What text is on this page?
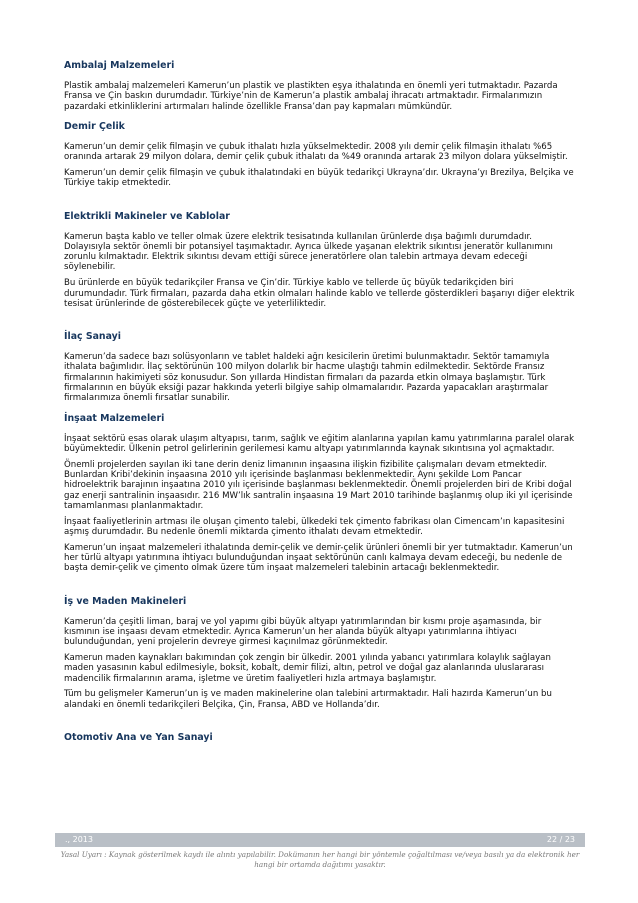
Ambalaj Malzemeleri

Plastik ambalaj malzemeleri Kamerun’un plastik ve plastikten eşya ithalatında en önemli yeri tutmaktadır. Pazarda Fransa ve Çin baskın durumdadır. Türkiye’nin de Kamerun’a plastik ambalaj ihracatı artmaktadır. Firmalarımızın pazardaki etkinliklerini artırmaları halinde özellikle Fransa’dan pay kapmaları mümkündür.

Demir Çelik

Kamerun’un demir çelik filmaşin ve çubuk ithalatı hızla yükselmektedir. 2008 yılı demir çelik filmaşin ithalatı %65 oranında artarak 29 milyon dolara, demir çelik çubuk ithalatı da %49 oranında artarak 23 milyon dolara yükselmiştir.

Kamerun’un demir çelik filmaşin ve çubuk ithalatındaki en büyük tedarikçi Ukrayna’dır. Ukrayna’yı Brezilya, Belçika ve Türkiye takip etmektedir.

Elektrikli Makineler ve Kablolar

Kamerun başta kablo ve teller olmak üzere elektrik tesisatında kullanılan ürünlerde dışa bağımlı durumdadır. Dolayısıyla sektör önemli bir potansiyel taşımaktadır. Ayrıca ülkede yaşanan elektrik sıkıntısı jeneratör kullanımını zorunlu kılmaktadır. Elektrik sıkıntısı devam ettiği sürece jeneratörlere olan talebin artmaya devam edeceği söylenebilir.

Bu ürünlerde en büyük tedarikçiler Fransa ve Çin’dir. Türkiye kablo ve tellerde üç büyük tedarikçiden biri durumundadır. Türk firmaları, pazarda daha etkin olmaları halinde kablo ve tellerde gösterdikleri başarıyı diğer elektrik tesisat ürünlerinde de gösterebilecek güçte ve yeterliliktedir.

İlaç Sanayi

Kamerun’da sadece bazı solüsyonların ve tablet haldeki ağrı kesicilerin üretimi bulunmaktadır. Sektör tamamıyla ithalata bağımlıdır. İlaç sektörünün 100 milyon dolarlık bir hacme ulaştığı tahmin edilmektedir. Sektörde Fransız firmalarının hakimiyeti söz konusudur. Son yıllarda Hindistan firmaları da pazarda etkin olmaya başlamıştır. Türk firmalarının en büyük eksiği pazar hakkında yeterli bilgiye sahip olmamalarıdır. Pazarda yapacakları araştırmalar firmalarımıza önemli fırsatlar sunabilir.

İnşaat Malzemeleri

İnşaat sektörü esas olarak ulaşım altyapısı, tarım, sağlık ve eğitim alanlarına yapılan kamu yatırımlarına paralel olarak büyümektedir. Ülkenin petrol gelirlerinin gerilemesi kamu altyapı yatırımlarında kaynak sıkıntısına yol açmaktadır.

Önemli projelerden sayılan iki tane derin deniz limanının inşaasına ilişkin fizibilite çalışmaları devam etmektedir. Bunlardan Kribi’dekinin inşaasına 2010 yılı içerisinde başlanması beklenmektedir. Aynı şekilde Lom Pancar hidroelektrik barajının inşaatına 2010 yılı içerisinde başlanması beklenmektedir. Önemli projelerden biri de Kribi doğal gaz enerji santralinin inşaasıdır. 216 MW’lık santralin inşaasına 19 Mart 2010 tarihinde başlanmış olup iki yıl içerisinde tamamlanması planlanmaktadır.

İnşaat faaliyetlerinin artması ile oluşan çimento talebi, ülkedeki tek çimento fabrikası olan Cimencam’ın kapasitesini aşmış durumdadır. Bu nedenle önemli miktarda çimento ithalatı devam etmektedir.

Kamerun’un inşaat malzemeleri ithalatında demir-çelik ve demir-çelik ürünleri önemli bir yer tutmaktadır. Kamerun’un her türlü altyapı yatırımına ihtiyacı bulunduğundan inşaat sektörünün canlı kalmaya devam edeceği, bu nedenle de başta demir-çelik ve çimento olmak üzere tüm inşaat malzemeleri talebinin artacağı beklenmektedir.

İş ve Maden Makineleri

Kamerun’da çeşitli liman, baraj ve yol yapımı gibi büyük altyapı yatırımlarından bir kısmı proje aşamasında, bir kısmının ise inşaası devam etmektedir. Ayrıca Kamerun’un her alanda büyük altyapı yatırımlarına ihtiyacı bulunduğundan, yeni projelerin devreye girmesi kaçınılmaz görünmektedir.

Kamerun maden kaynakları bakımından çok zengin bir ülkedir. 2001 yılında yabancı yatırımlara kolaylık sağlayan maden yasasının kabul edilmesiyle, boksit, kobalt, demir filizi, altın, petrol ve doğal gaz alanlarında uluslararası madencilik firmalarının arama, işletme ve üretim faaliyetleri hızla artmaya başlamıştır.

Tüm bu gelişmeler Kamerun’un iş ve maden makinelerine olan talebini artırmaktadır. Hali hazırda Kamerun’un bu alandaki en önemli tedarikçileri Belçika, Çin, Fransa, ABD ve Hollanda’dır.

Otomotiv Ana ve Yan Sanayi
., 2013	22 / 23
Yasal Uyarı : Kaynak gösterilmek kaydı ile alıntı yapılabilir. Dokümanın her hangi bir yöntemle çoğaltılması ve/veya basılı ya da elektronik her hangi bir ortamda dağıtımı yasaktır.
